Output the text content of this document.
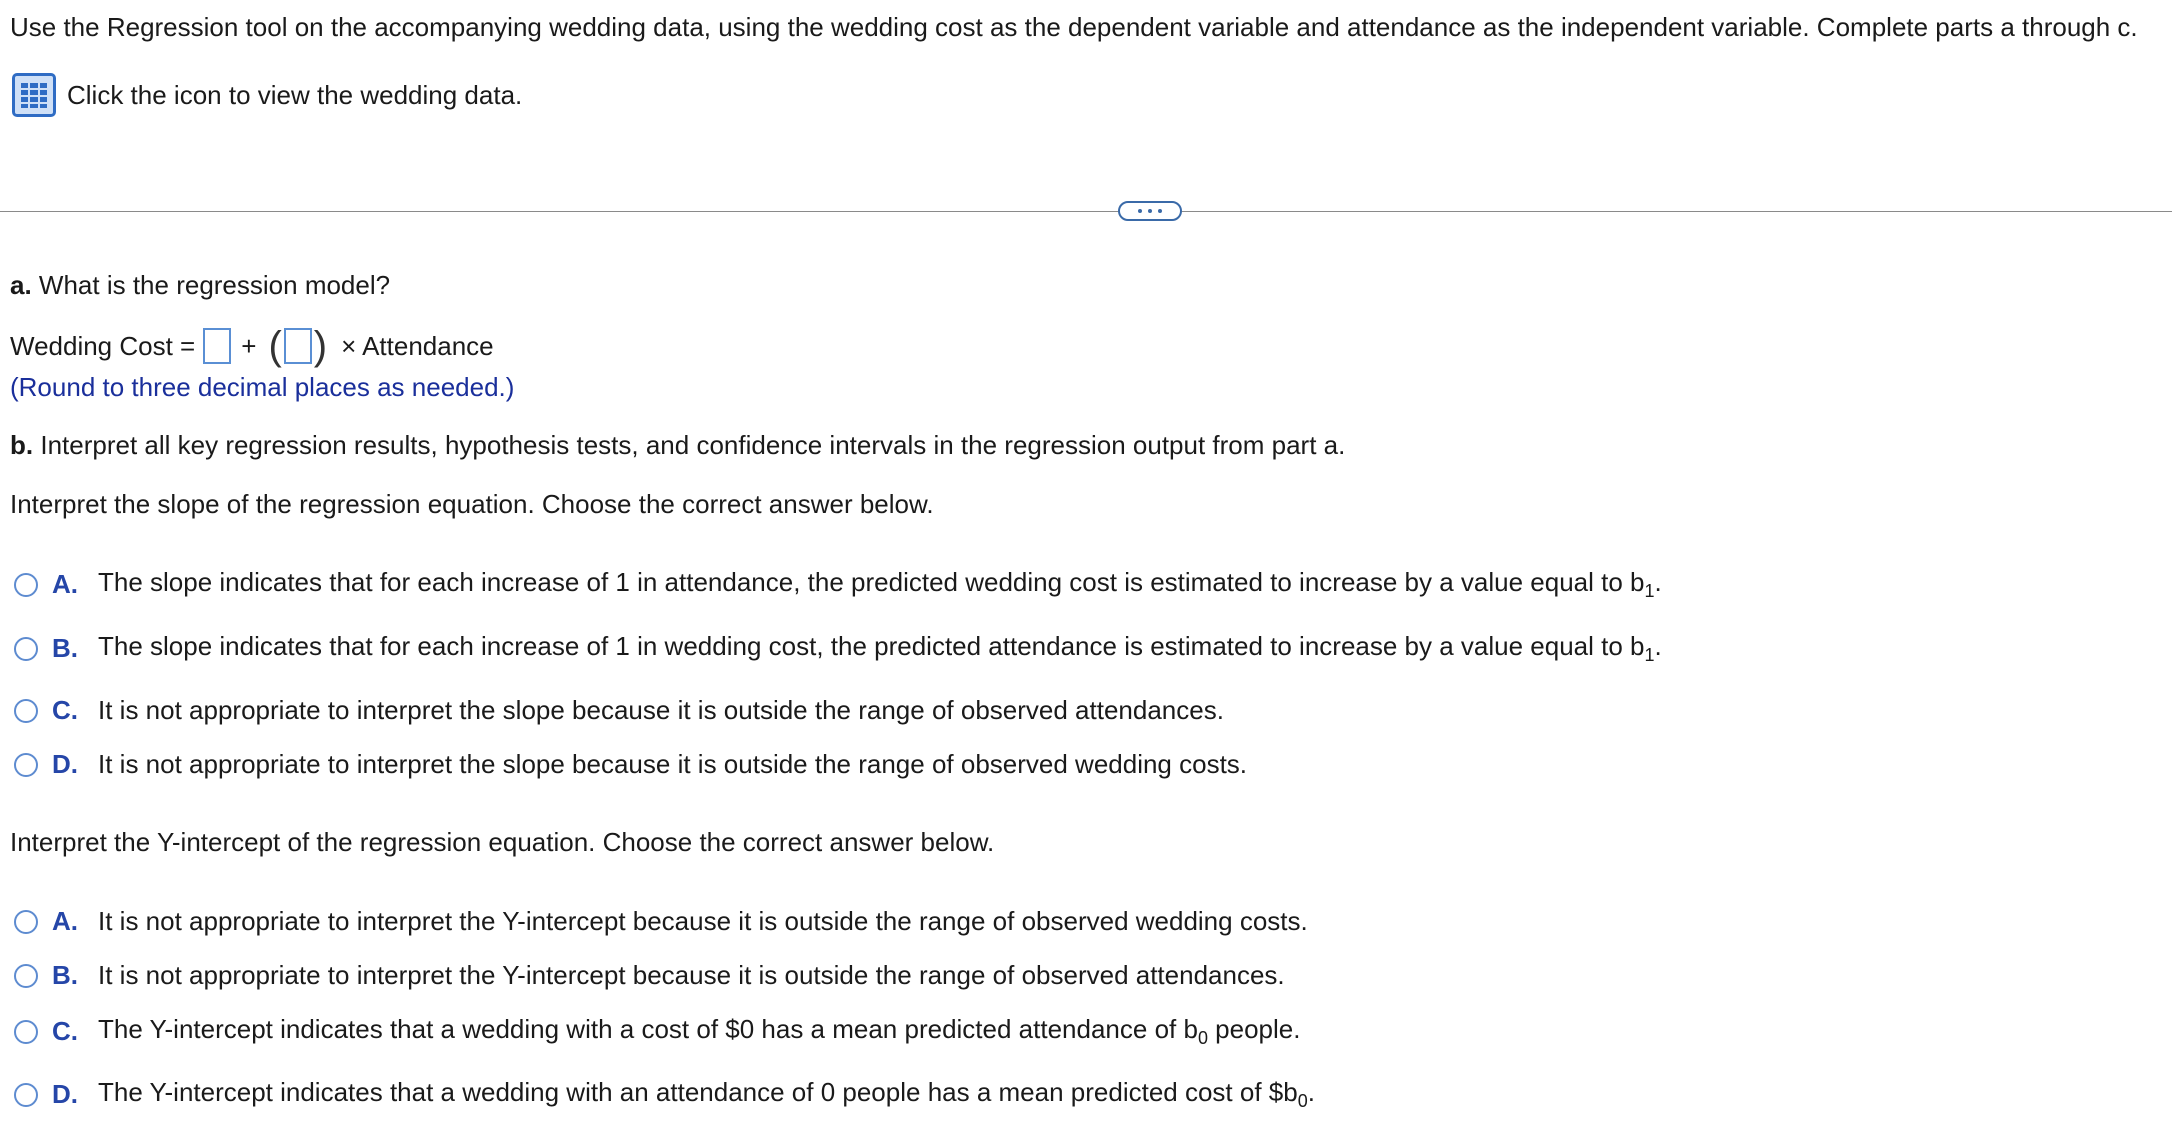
Use the Regression tool on the accompanying wedding data, using the wedding cost as the dependent variable and attendance as the independent variable. Complete parts a through c.
Click the icon to view the wedding data.
a. What is the regression model?
Wedding Cost = + ( ) × Attendance
(Round to three decimal places as needed.)
b. Interpret all key regression results, hypothesis tests, and confidence intervals in the regression output from part a.
Interpret the slope of the regression equation. Choose the correct answer below.
A. The slope indicates that for each increase of 1 in attendance, the predicted wedding cost is estimated to increase by a value equal to $b_1$.
B. The slope indicates that for each increase of 1 in wedding cost, the predicted attendance is estimated to increase by a value equal to $b_1$.
C. It is not appropriate to interpret the slope because it is outside the range of observed attendances.
D. It is not appropriate to interpret the slope because it is outside the range of observed wedding costs.
Interpret the Y-intercept of the regression equation. Choose the correct answer below.
A. It is not appropriate to interpret the Y-intercept because it is outside the range of observed wedding costs.
B. It is not appropriate to interpret the Y-intercept because it is outside the range of observed attendances.
C. The Y-intercept indicates that a wedding with a cost of $0 has a mean predicted attendance of $b_0$ people.
D. The Y-intercept indicates that a wedding with an attendance of 0 people has a mean predicted cost of $\$b_0$.
